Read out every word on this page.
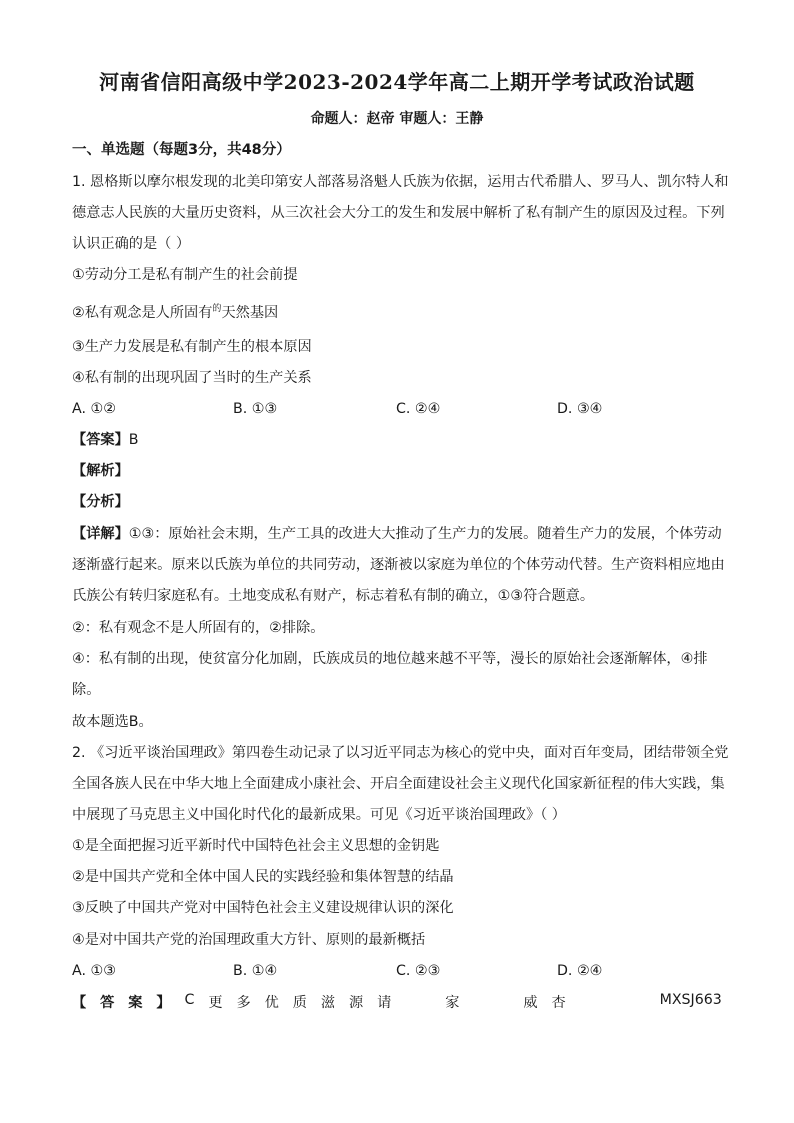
河南省信阳高级中学2023-2024学年高二上期开学考试政治试题
命题人：赵帝 审题人：王静
一、单选题（每题3分，共48分）
1. 恩格斯以摩尔根发现的北美印第安人部落易洛魁人氏族为依据，运用古代希腊人、罗马人、凯尔特人和
德意志人民族的大量历史资料，从三次社会大分工的发生和发展中解析了私有制产生的原因及过程。下列
认识正确的是（ ）
①劳动分工是私有制产生的社会前提
②私有观念是人所固有$^的$天然基因
③生产力发展是私有制产生的根本原因
④私有制的出现巩固了当时的生产关系
A. ①②	B. ①③	C. ②④	D. ③④
【答案】B
【解析】
【分析】
【详解】①③：原始社会末期，生产工具的改进大大推动了生产力的发展。随着生产力的发展，个体劳动
逐渐盛行起来。原来以氏族为单位的共同劳动，逐渐被以家庭为单位的个体劳动代替。生产资料相应地由
氏族公有转归家庭私有。土地变成私有财产，标志着私有制的确立，①③符合题意。
②：私有观念不是人所固有的，②排除。
④：私有制的出现，使贫富分化加剧，氏族成员的地位越来越不平等，漫长的原始社会逐渐解体，④排
除。
故本题选B。
2. 《习近平谈治国理政》第四卷生动记录了以习近平同志为核心的党中央，面对百年变局，团结带领全党
全国各族人民在中华大地上全面建成小康社会、开启全面建设社会主义现代化国家新征程的伟大实践，集
中展现了马克思主义中国化时代化的最新成果。可见《习近平谈治国理政》（ ）
①是全面把握习近平新时代中国特色社会主义思想的金钥匙
②是中国共产党和全体中国人民的实践经验和集体智慧的结晶
③反映了中国共产党对中国特色社会主义建设规律认识的深化
④是对中国共产党的治国理政重大方针、原则的最新概括
A. ①③	B. ①④	C. ②③	D. ②④
【 答 案 】 C 更 多 优 质 滋 源 请	家	威 杏	MXSJ663
